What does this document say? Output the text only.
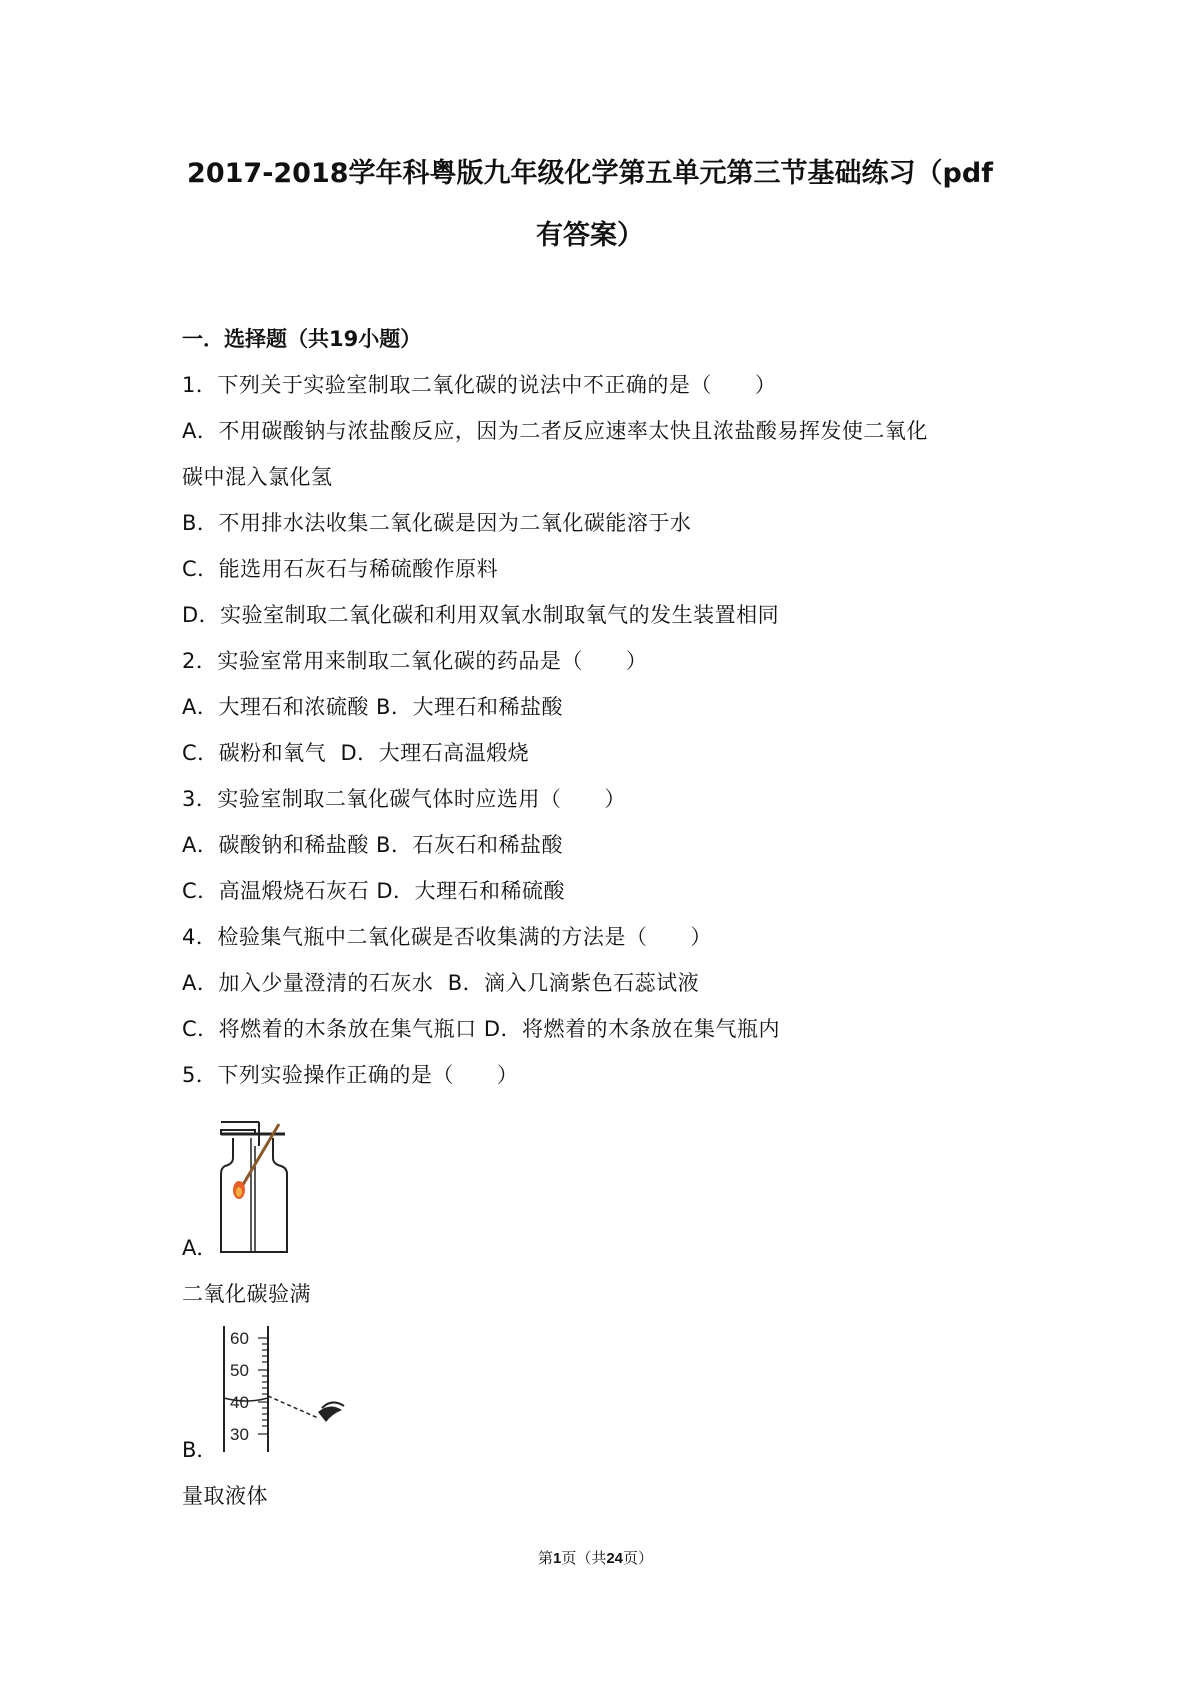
2017-2018学年科粤版九年级化学第五单元第三节基础练习（pdf
有答案）
一．选择题（共19小题）
1．下列关于实验室制取二氧化碳的说法中不正确的是（　　）
A．不用碳酸钠与浓盐酸反应，因为二者反应速率太快且浓盐酸易挥发使二氧化
碳中混入氯化氢
B．不用排水法收集二氧化碳是因为二氧化碳能溶于水
C．能选用石灰石与稀硫酸作原料
D．实验室制取二氧化碳和利用双氧水制取氧气的发生装置相同
2．实验室常用来制取二氧化碳的药品是（　　）
A．大理石和浓硫酸 B．大理石和稀盐酸
C．碳粉和氧气  D．大理石高温煅烧
3．实验室制取二氧化碳气体时应选用（　　）
A．碳酸钠和稀盐酸 B．石灰石和稀盐酸
C．高温煅烧石灰石 D．大理石和稀硫酸
4．检验集气瓶中二氧化碳是否收集满的方法是（　　）
A．加入少量澄清的石灰水  B．滴入几滴紫色石蕊试液
C．将燃着的木条放在集气瓶口 D．将燃着的木条放在集气瓶内
5．下列实验操作正确的是（　　）
A．
二氧化碳验满
60
50
40
30
B．
量取液体
第1页（共24页）
